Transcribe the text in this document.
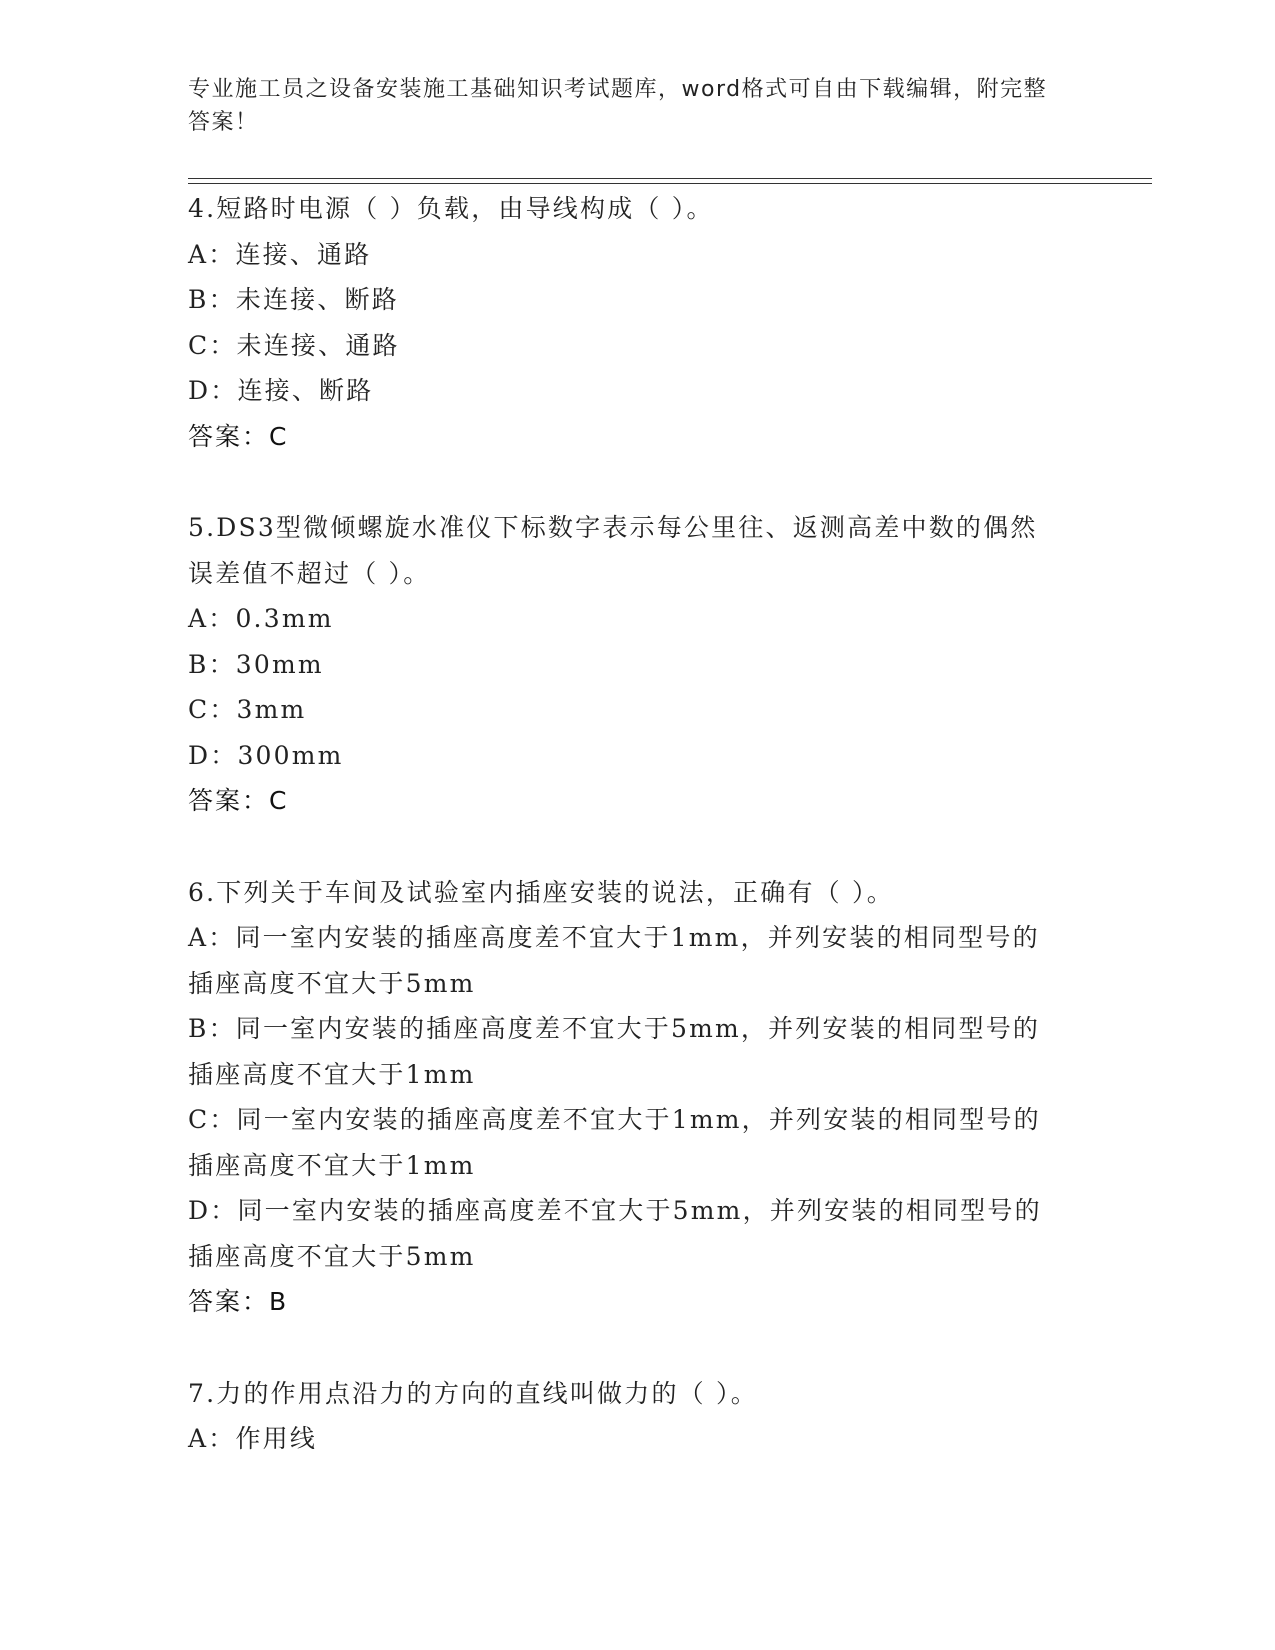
专业施工员之设备安装施工基础知识考试题库，word格式可自由下载编辑，附完整答案！
4.短路时电源（ ）负载，由导线构成（ ）。
A：连接、通路
B：未连接、断路
C：未连接、通路
D：连接、断路
答案：C
5.DS3型微倾螺旋水准仪下标数字表示每公里往、返测高差中数的偶然
误差值不超过（ ）。
A：0.3mm
B：30mm
C：3mm
D：300mm
答案：C
6.下列关于车间及试验室内插座安装的说法，正确有（ ）。
A：同一室内安装的插座高度差不宜大于1mm，并列安装的相同型号的
插座高度不宜大于5mm
B：同一室内安装的插座高度差不宜大于5mm，并列安装的相同型号的
插座高度不宜大于1mm
C：同一室内安装的插座高度差不宜大于1mm，并列安装的相同型号的
插座高度不宜大于1mm
D：同一室内安装的插座高度差不宜大于5mm，并列安装的相同型号的
插座高度不宜大于5mm
答案：B
7.力的作用点沿力的方向的直线叫做力的（ ）。
A：作用线
